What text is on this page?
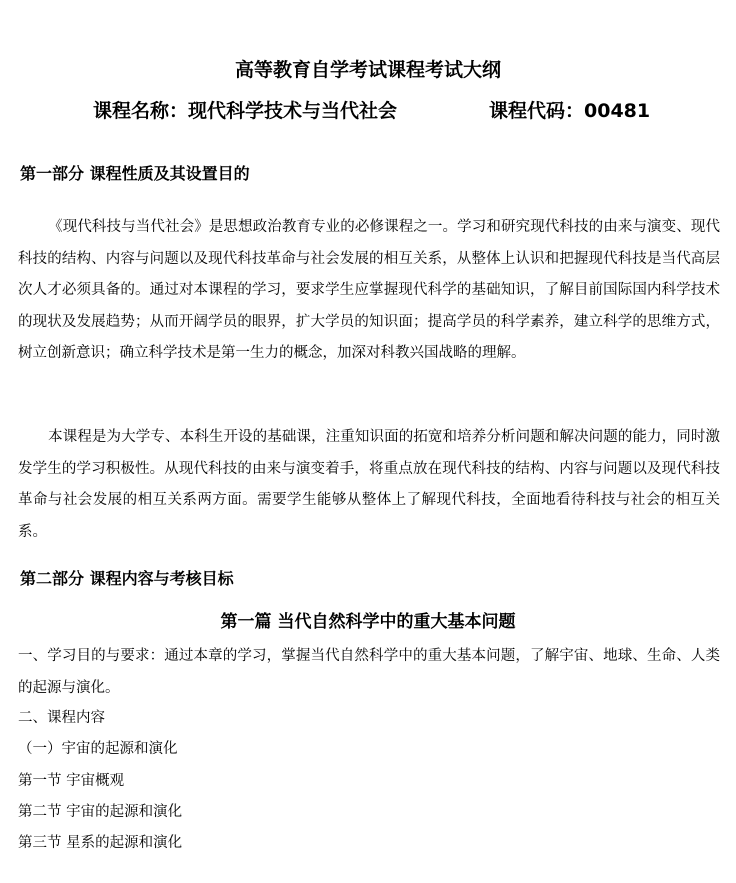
高等教育自学考试课程考试大纲
课程名称：现代科学技术与当代社会	课程代码：00481
第一部分 课程性质及其设置目的
《现代科技与当代社会》是思想政治教育专业的必修课程之一。学习和研究现代科技的由来与演变、现代科技的结构、内容与问题以及现代科技革命与社会发展的相互关系，从整体上认识和把握现代科技是当代高层次人才必须具备的。通过对本课程的学习，要求学生应掌握现代科学的基础知识，了解目前国际国内科学技术的现状及发展趋势；从而开阔学员的眼界，扩大学员的知识面；提高学员的科学素养，建立科学的思维方式，树立创新意识；确立科学技术是第一生力的概念，加深对科教兴国战略的理解。
本课程是为大学专、本科生开设的基础课，注重知识面的拓宽和培养分析问题和解决问题的能力，同时激发学生的学习积极性。从现代科技的由来与演变着手，将重点放在现代科技的结构、内容与问题以及现代科技革命与社会发展的相互关系两方面。需要学生能够从整体上了解现代科技，全面地看待科技与社会的相互关系。
第二部分 课程内容与考核目标
第一篇 当代自然科学中的重大基本问题
一、学习目的与要求：通过本章的学习，掌握当代自然科学中的重大基本问题，了解宇宙、地球、生命、人类的起源与演化。
二、课程内容
（一）宇宙的起源和演化
第一节 宇宙概观
第二节 宇宙的起源和演化
第三节 星系的起源和演化
